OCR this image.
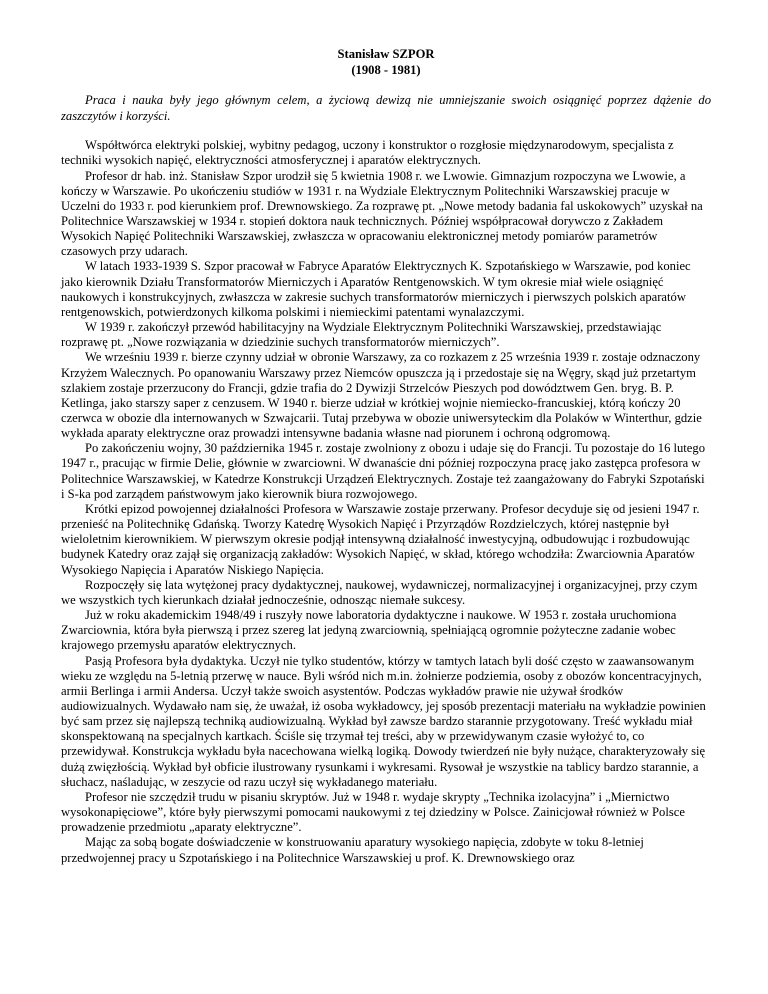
Stanisław SZPOR

(1908 - 1981)

Praca i nauka były jego głównym celem, a życiową dewizą nie umniejszanie swoich osiągnięć poprzez dążenie do zaszczytów i korzyści.

Współtwórca elektryki polskiej, wybitny pedagog, uczony i konstruktor o rozgłosie międzynarodowym, specjalista z techniki wysokich napięć, elektryczności atmosferycznej i aparatów elektrycznych.

Profesor dr hab. inż. Stanisław Szpor urodził się 5 kwietnia 1908 r. we Lwowie. Gimnazjum rozpoczyna we Lwowie, a kończy w Warszawie. Po ukończeniu studiów w 1931 r. na Wydziale Elektrycznym Politechniki Warszawskiej pracuje w Uczelni do 1933 r. pod kierunkiem prof. Drewnowskiego. Za rozprawę pt. „Nowe metody badania fal uskokowych” uzyskał na Politechnice Warszawskiej w 1934 r. stopień doktora nauk technicznych. Później współpracował dorywczo z Zakładem Wysokich Napięć Politechniki Warszawskiej, zwłaszcza w opracowaniu elektronicznej metody pomiarów parametrów czasowych przy udarach.

W latach 1933-1939 S. Szpor pracował w Fabryce Aparatów Elektrycznych K. Szpotańskiego w Warszawie, pod koniec jako kierownik Działu Transformatorów Mierniczych i Aparatów Rentgenowskich. W tym okresie miał wiele osiągnięć naukowych i konstrukcyjnych, zwłaszcza w zakresie suchych transformatorów mierniczych i pierwszych polskich aparatów rentgenowskich, potwierdzonych kilkoma polskimi i niemieckimi patentami wynalazczymi.

W 1939 r. zakończył przewód habilitacyjny na Wydziale Elektrycznym Politechniki Warszawskiej, przedstawiając rozprawę pt. „Nowe rozwiązania w dziedzinie suchych transformatorów mierniczych”.

We wrześniu 1939 r. bierze czynny udział w obronie Warszawy, za co rozkazem z 25 września 1939 r. zostaje odznaczony Krzyżem Walecznych. Po opanowaniu Warszawy przez Niemców opuszcza ją i przedostaje się na Węgry, skąd już przetartym szlakiem zostaje przerzucony do Francji, gdzie trafia do 2 Dywizji Strzelców Pieszych pod dowództwem Gen. bryg. B. P. Ketlinga, jako starszy saper z cenzusem. W 1940 r. bierze udział w krótkiej wojnie niemiecko-francuskiej, którą kończy 20 czerwca w obozie dla internowanych w Szwajcarii. Tutaj przebywa w obozie uniwersyteckim dla Polaków w Winterthur, gdzie wykłada aparaty elektryczne oraz prowadzi intensywne badania własne nad piorunem i ochroną odgromową.

Po zakończeniu wojny, 30 października 1945 r. zostaje zwolniony z obozu i udaje się do Francji. Tu pozostaje do 16 lutego 1947 r., pracując w firmie Delie, głównie w zwarciowni. W dwanaście dni później rozpoczyna pracę jako zastępca profesora w Politechnice Warszawskiej, w Katedrze Konstrukcji Urządzeń Elektrycznych. Zostaje też zaangażowany do Fabryki Szpotański i S-ka pod zarządem państwowym jako kierownik biura rozwojowego.

Krótki epizod powojennej działalności Profesora w Warszawie zostaje przerwany. Profesor decyduje się od jesieni 1947 r. przenieść na Politechnikę Gdańską. Tworzy Katedrę Wysokich Napięć i Przyrządów Rozdzielczych, której następnie był wieloletnim kierownikiem. W pierwszym okresie podjął intensywną działalność inwestycyjną, odbudowując i rozbudowując budynek Katedry oraz zajął się organizacją zakładów: Wysokich Napięć, w skład, którego wchodziła: Zwarciownia Aparatów Wysokiego Napięcia i Aparatów Niskiego Napięcia.

Rozpoczęły się lata wytężonej pracy dydaktycznej, naukowej, wydawniczej, normalizacyjnej i organizacyjnej, przy czym we wszystkich tych kierunkach działał jednocześnie, odnosząc niemałe sukcesy.

Już w roku akademickim 1948/49 i ruszyły nowe laboratoria dydaktyczne i naukowe. W 1953 r. została uruchomiona Zwarciownia, która była pierwszą i przez szereg lat jedyną zwarciownią, spełniającą ogromnie pożyteczne zadanie wobec krajowego przemysłu aparatów elektrycznych.

Pasją Profesora była dydaktyka. Uczył nie tylko studentów, którzy w tamtych latach byli dość często w zaawansowanym wieku ze względu na 5-letnią przerwę w nauce. Byli wśród nich m.in. żołnierze podziemia, osoby z obozów koncentracyjnych, armii Berlinga i armii Andersa. Uczył także swoich asystentów. Podczas wykładów prawie nie używał środków audiowizualnych. Wydawało nam się, że uważał, iż osoba wykładowcy, jej sposób prezentacji materiału na wykładzie powinien być sam przez się najlepszą techniką audiowizualną. Wykład był zawsze bardzo starannie przygotowany. Treść wykładu miał skonspektowaną na specjalnych kartkach. Ściśle się trzymał tej treści, aby w przewidywanym czasie wyłożyć to, co przewidywał. Konstrukcja wykładu była nacechowana wielką logiką. Dowody twierdzeń nie były nużące, charakteryzowały się dużą zwięzłością. Wykład był obficie ilustrowany rysunkami i wykresami. Rysował je wszystkie na tablicy bardzo starannie, a słuchacz, naśladując, w zeszycie od razu uczył się wykładanego materiału.

Profesor nie szczędził trudu w pisaniu skryptów. Już w 1948 r. wydaje skrypty „Technika izolacyjna” i „Miernictwo wysokonapięciowe”, które były pierwszymi pomocami naukowymi z tej dziedziny w Polsce. Zainicjował również w Polsce prowadzenie przedmiotu „aparaty elektryczne”.

Mając za sobą bogate doświadczenie w konstruowaniu aparatury wysokiego napięcia, zdobyte w toku 8-letniej przedwojennej pracy u Szpotańskiego i na Politechnice Warszawskiej u prof. K. Drewnowskiego oraz
